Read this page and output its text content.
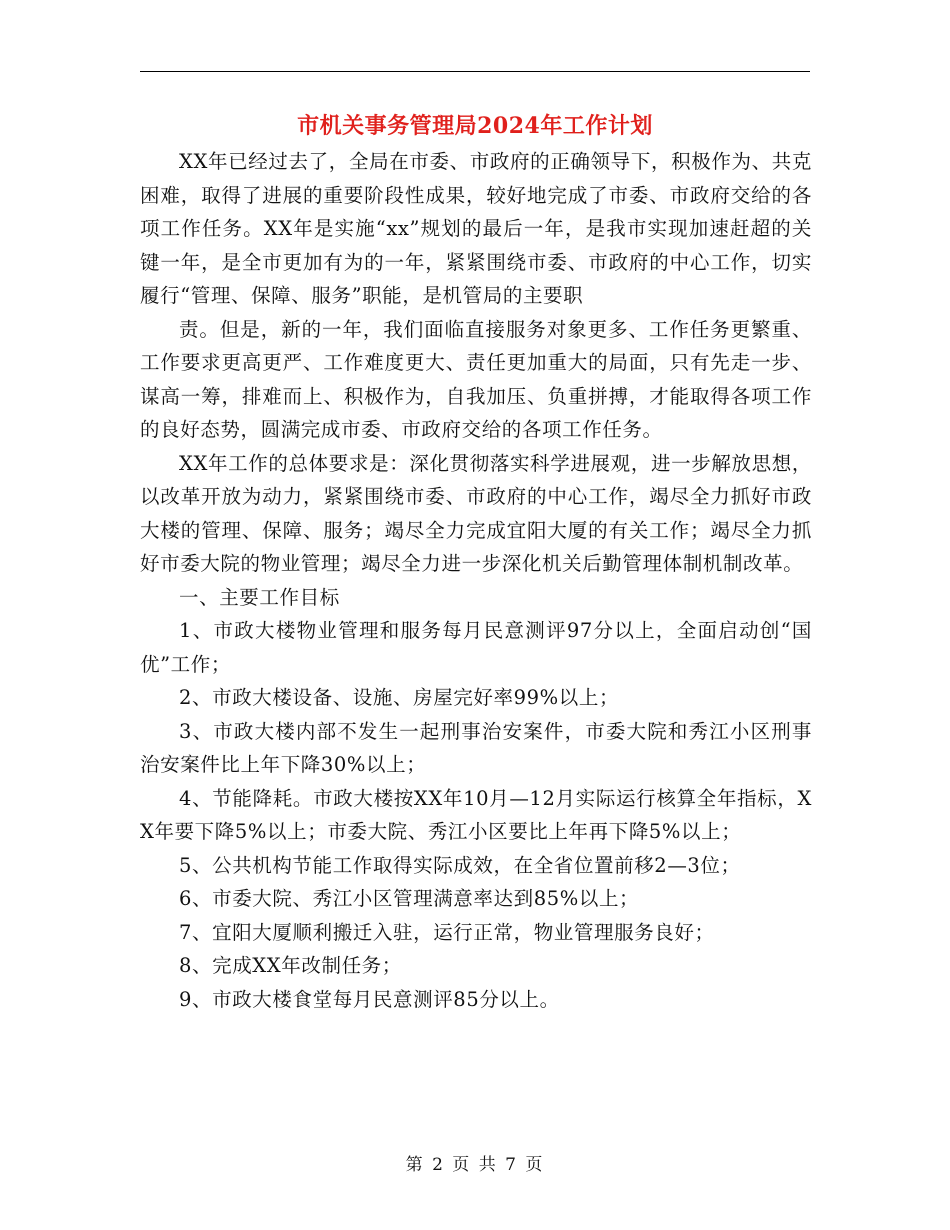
市机关事务管理局2024年工作计划

XX年已经过去了，全局在市委、市政府的正确领导下，积极作为、共克困难，取得了进展的重要阶段性成果，较好地完成了市委、市政府交给的各项工作任务。XX年是实施“xx”规划的最后一年，是我市实现加速赶超的关键一年，是全市更加有为的一年，紧紧围绕市委、市政府的中心工作，切实履行“管理、保障、服务”职能，是机管局的主要职

责。但是，新的一年，我们面临直接服务对象更多、工作任务更繁重、工作要求更高更严、工作难度更大、责任更加重大的局面，只有先走一步、谋高一筹，排难而上、积极作为，自我加压、负重拼搏，才能取得各项工作的良好态势，圆满完成市委、市政府交给的各项工作任务。

XX年工作的总体要求是：深化贯彻落实科学进展观，进一步解放思想，以改革开放为动力，紧紧围绕市委、市政府的中心工作，竭尽全力抓好市政大楼的管理、保障、服务；竭尽全力完成宜阳大厦的有关工作；竭尽全力抓好市委大院的物业管理；竭尽全力进一步深化机关后勤管理体制机制改革。

一、主要工作目标

1、市政大楼物业管理和服务每月民意测评97分以上，全面启动创“国优”工作；

2、市政大楼设备、设施、房屋完好率99%以上；

3、市政大楼内部不发生一起刑事治安案件，市委大院和秀江小区刑事治安案件比上年下降30%以上；

4、节能降耗。市政大楼按XX年10月—12月实际运行核算全年指标，XX年要下降5%以上；市委大院、秀江小区要比上年再下降5%以上；

5、公共机构节能工作取得实际成效，在全省位置前移2—3位；

6、市委大院、秀江小区管理满意率达到85%以上；

7、宜阳大厦顺利搬迁入驻，运行正常，物业管理服务良好；

8、完成XX年改制任务；

9、市政大楼食堂每月民意测评85分以上。

第 2 页 共 7 页
